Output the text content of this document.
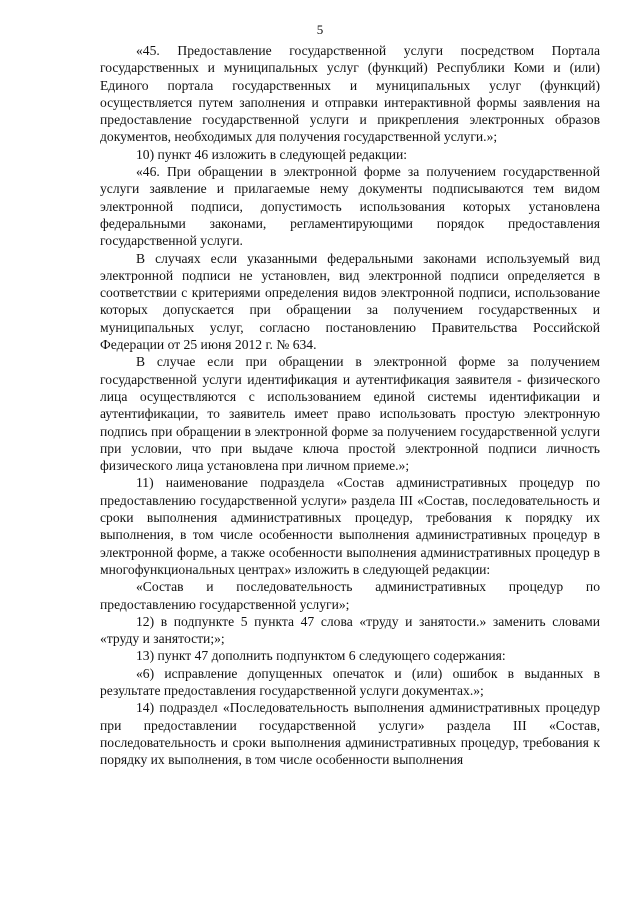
5

«45. Предоставление государственной услуги посредством Портала государственных и муниципальных услуг (функций) Республики Коми и (или) Единого портала государственных и муниципальных услуг (функций) осуществляется путем заполнения и отправки интерактивной формы заявления на предоставление государственной услуги и прикрепления электронных образов документов, необходимых для получения государственной услуги.»;

10) пункт 46 изложить в следующей редакции:

«46. При обращении в электронной форме за получением государственной услуги заявление и прилагаемые нему документы подписываются тем видом электронной подписи, допустимость использования которых установлена федеральными законами, регламентирующими порядок предоставления государственной услуги.

В случаях если указанными федеральными законами используемый вид электронной подписи не установлен, вид электронной подписи определяется в соответствии с критериями определения видов электронной подписи, использование которых допускается при обращении за получением государственных и муниципальных услуг, согласно постановлению Правительства Российской Федерации от 25 июня 2012 г. № 634.

В случае если при обращении в электронной форме за получением государственной услуги идентификация и аутентификация заявителя - физического лица осуществляются с использованием единой системы идентификации и аутентификации, то заявитель имеет право использовать простую электронную подпись при обращении в электронной форме за получением государственной услуги при условии, что при выдаче ключа простой электронной подписи личность физического лица установлена при личном приеме.»;

11) наименование подраздела «Состав административных процедур по предоставлению государственной услуги» раздела III «Состав, последовательность и сроки выполнения административных процедур, требования к порядку их выполнения, в том числе особенности выполнения административных процедур в электронной форме, а также особенности выполнения административных процедур в многофункциональных центрах» изложить в следующей редакции:

«Состав и последовательность административных процедур по предоставлению государственной услуги»;

12) в подпункте 5 пункта 47 слова «труду и занятости.» заменить словами «труду и занятости;»;

13) пункт 47 дополнить подпунктом 6 следующего содержания:

«6) исправление допущенных опечаток и (или) ошибок в выданных в результате предоставления государственной услуги документах.»;

14) подраздел «Последовательность выполнения административных процедур при предоставлении государственной услуги» раздела III «Состав, последовательность и сроки выполнения административных процедур, требования к порядку их выполнения, в том числе особенности выполнения
